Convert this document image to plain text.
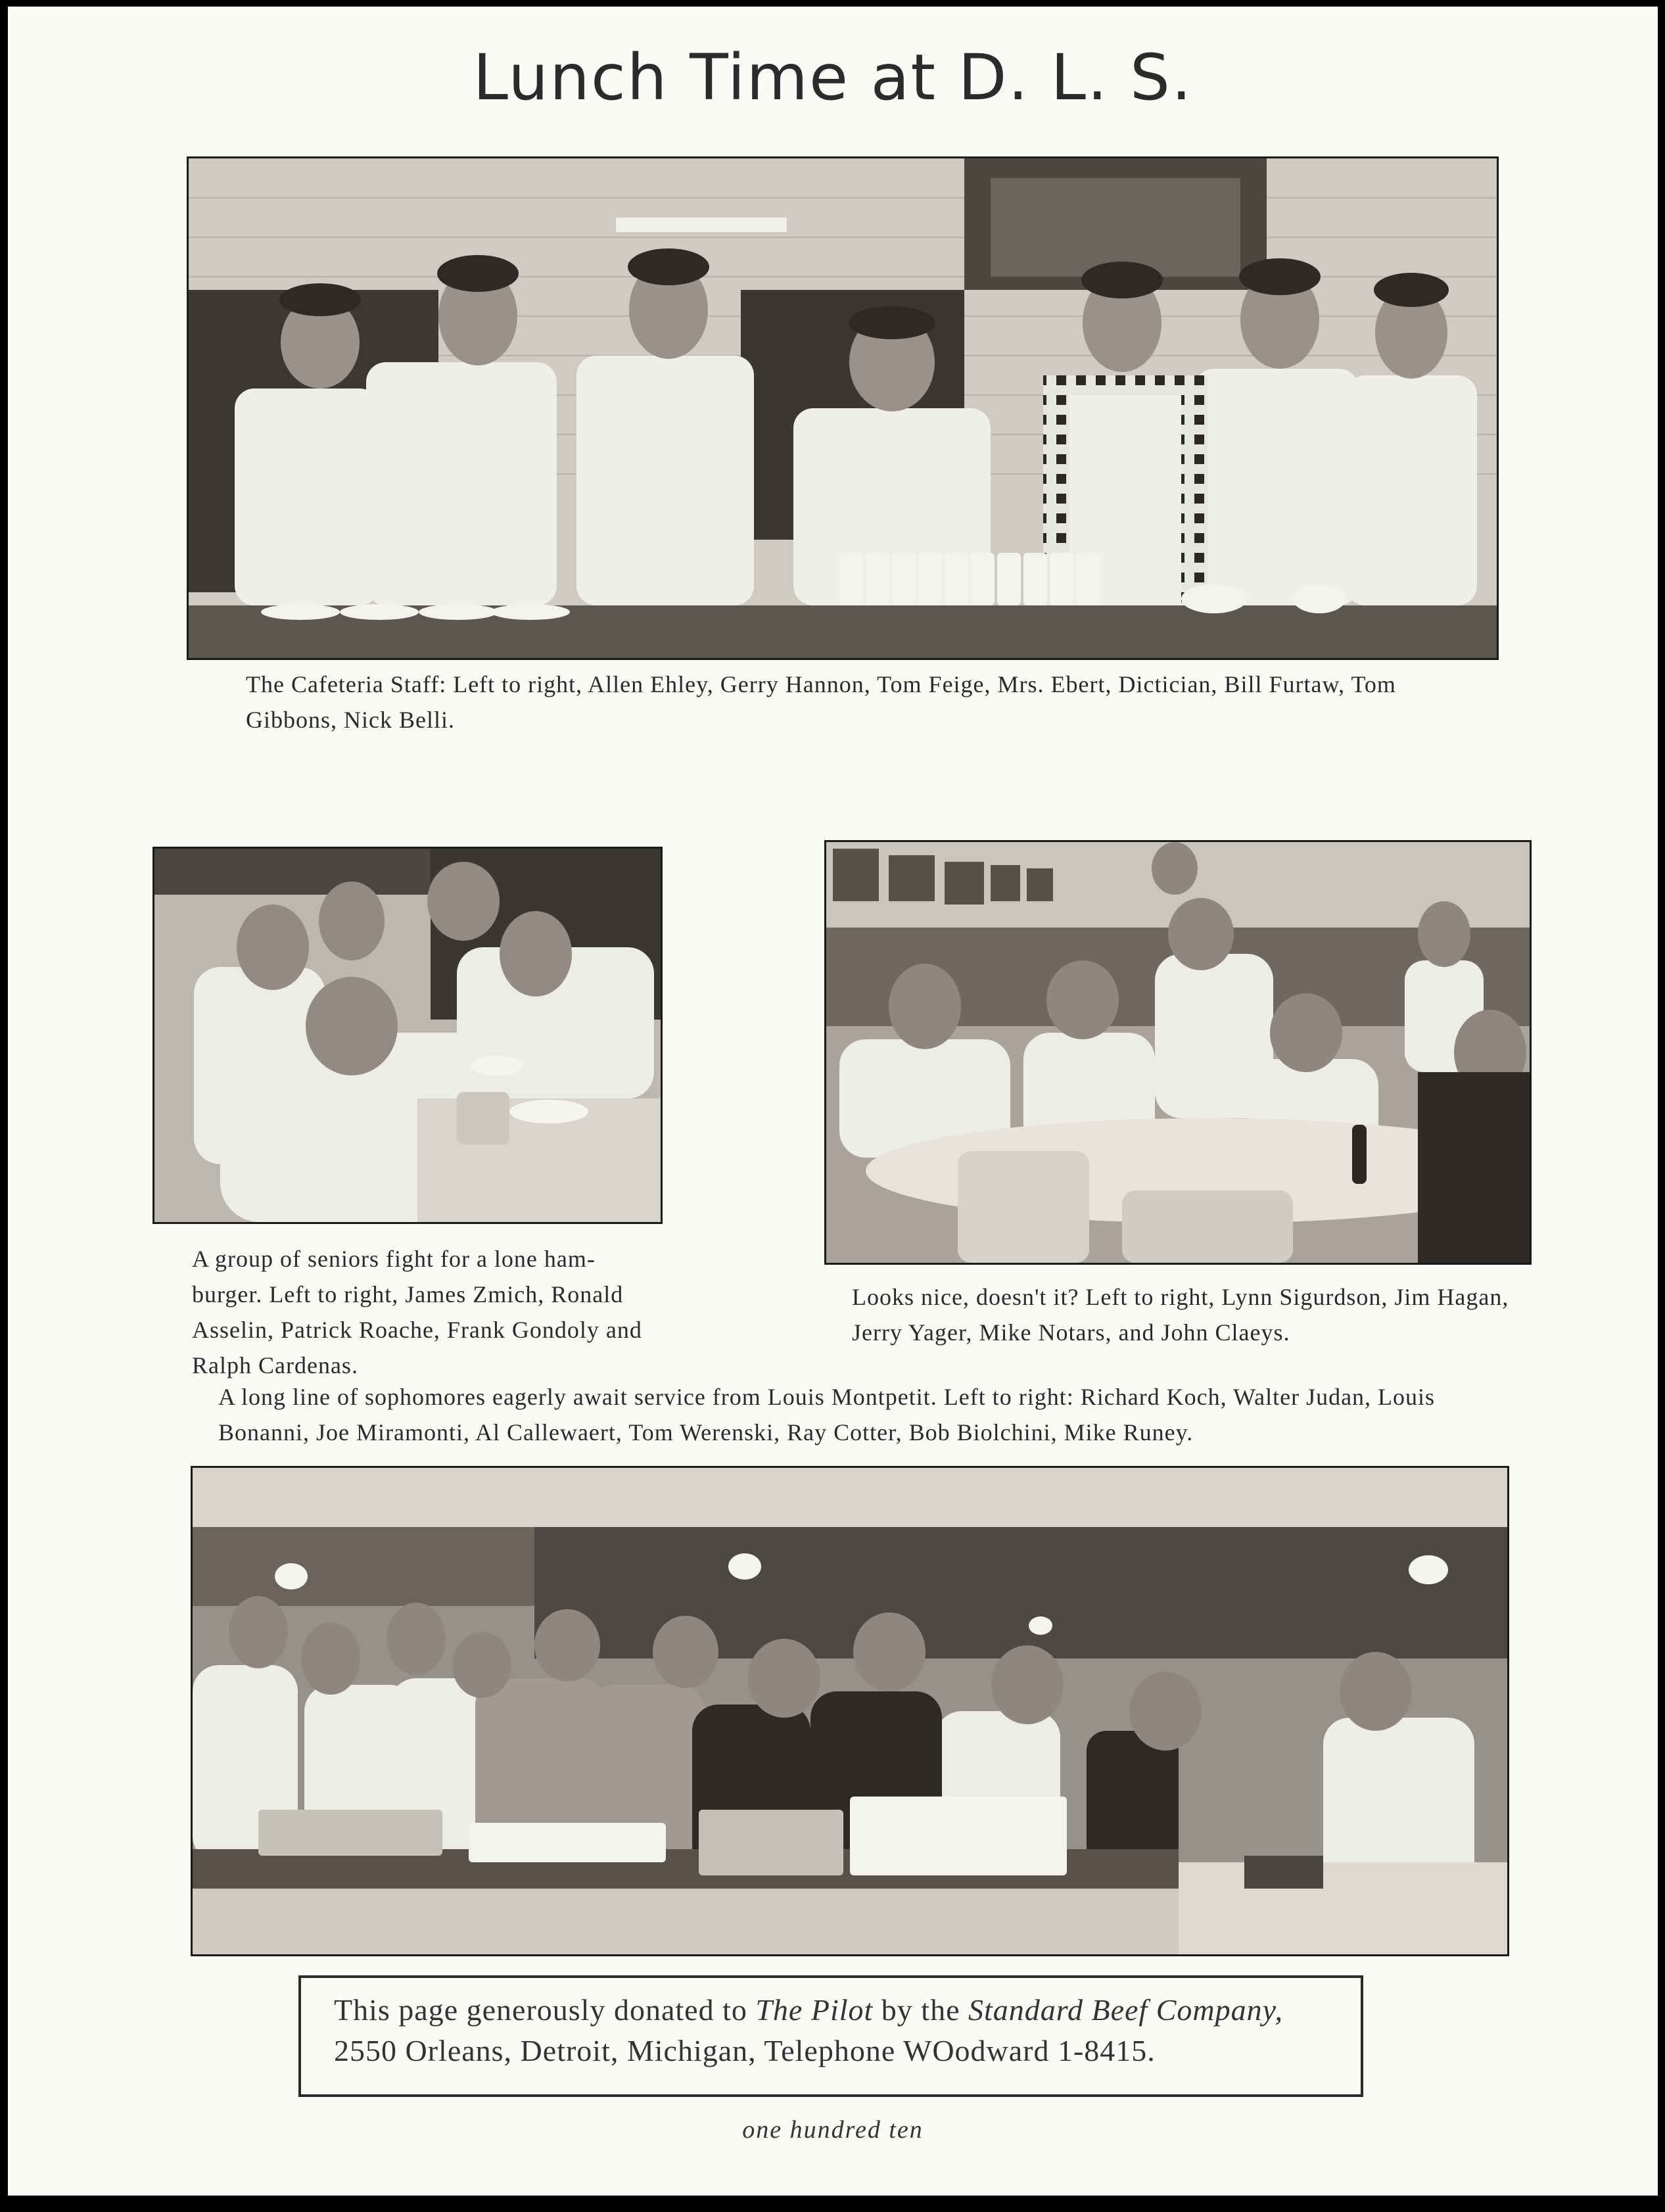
Lunch Time at D. L. S.
The Cafeteria Staff: Left to right, Allen Ehley, Gerry Hannon, Tom Feige, Mrs. Ebert, Dictician, Bill Furtaw, Tom Gibbons, Nick Belli.
A group of seniors fight for a lone ham-burger. Left to right, James Zmich, Ronald Asselin, Patrick Roache, Frank Gondoly and Ralph Cardenas.
Looks nice, doesn't it? Left to right, Lynn Sigurdson, Jim Hagan, Jerry Yager, Mike Notars, and John Claeys.
A long line of sophomores eagerly await service from Louis Montpetit. Left to right: Richard Koch, Walter Judan, Louis Bonanni, Joe Miramonti, Al Callewaert, Tom Werenski, Ray Cotter, Bob Biolchini, Mike Runey.
This page generously donated to The Pilot by the Standard Beef Company, 2550 Orleans, Detroit, Michigan, Telephone WOodward 1-8415.
one hundred ten
